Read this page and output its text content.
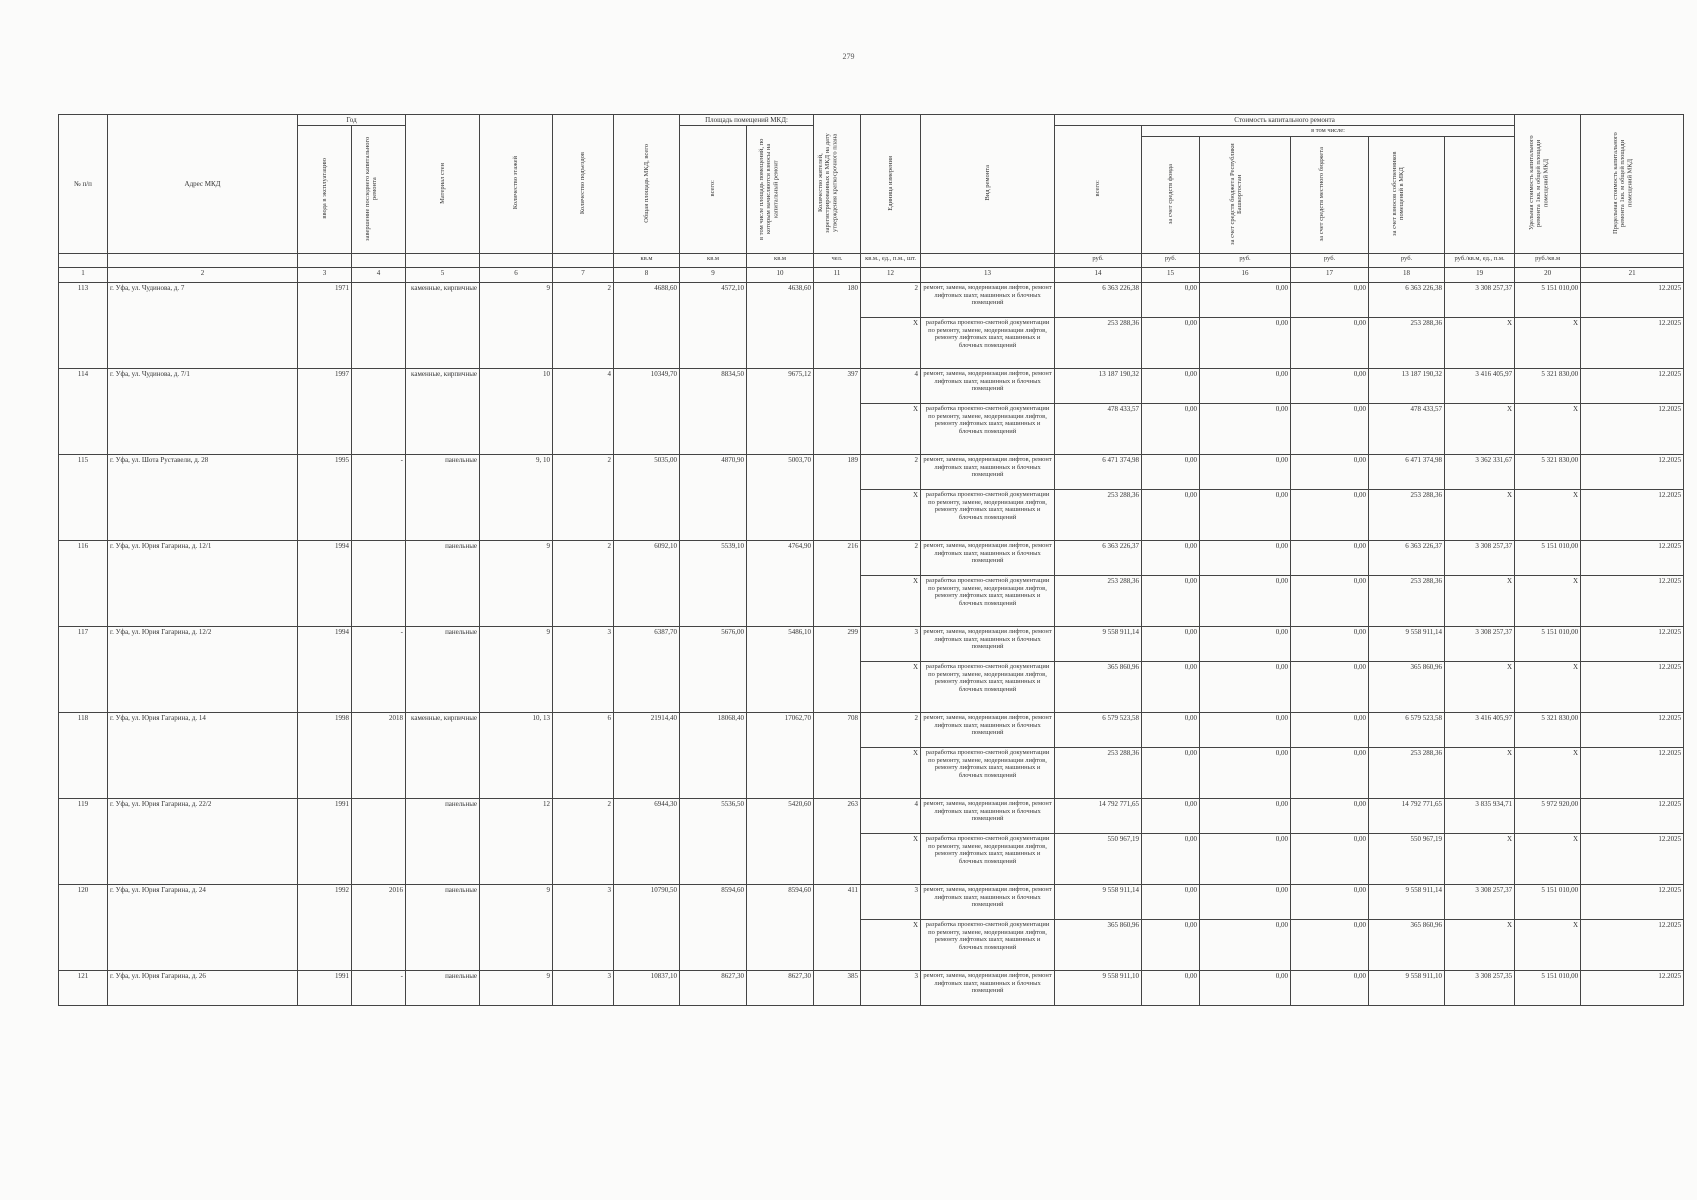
279
№ п/п	Адрес МКД	Год		Материал стен	Количество этажей	Количество подъездов	Общая площадь МКД, всего	Площадь помещений МКД:		Количество жителей, зарегистрированных в МКД на дату утверждения краткосрочного плана	Единица измерения	Вид ремонта	Стоимость капитального ремонта						Удельная стоимость капитального ремонта 1кв. м общей площади помещений МКД	Предельная стоимость капитального ремонта 1кв. м общей площади помещений МКД	
		ввода в эксплуатацию	завершение последнего капитального ремонта					всего:	в том числе площадь помещений, по которым начисляются взносы на капитальный ремонт				всего:	в том числе:							
														за счет средств фонда	за счет средств бюджета Республики Башкортостан	за счет средств местного бюджета	за счет взносов собственников помещений в МКД				
							кв.м	кв.м	кв.м	чел.	кв.м., ед., п.м., шт.		руб.	руб.	руб.	руб.	руб.	руб./кв.м, ед., п.м.	руб./кв.м		
1	2	3	4	5	6	7	8	9	10	11	12	13	14	15	16	17	18	19	20	21	
113	г. Уфа, ул. Чудинова, д. 7	1971		каменные, кирпичные	9	2	4688,60	4572,10	4638,60	180	2	ремонт, замена, модернизация лифтов, ремонт лифтовых шахт, машинных и блочных помещений	6 363 226,38	0,00	0,00	0,00	6 363 226,38	3 308 257,37	5 151 010,00	12.2025	
											X	разработка проектно-сметной документации по ремонту, замене, модернизации лифтов, ремонту лифтовых шахт, машинных и блочных помещений	253 288,36	0,00	0,00	0,00	253 288,36	X	X	12.2025	
114	г. Уфа, ул. Чудинова, д. 7/1	1997		каменные, кирпичные	10	4	10349,70	8834,50	9675,12	397	4	ремонт, замена, модернизация лифтов, ремонт лифтовых шахт, машинных и блочных помещений	13 187 190,32	0,00	0,00	0,00	13 187 190,32	3 416 405,97	5 321 830,00	12.2025	
											X	разработка проектно-сметной документации по ремонту, замене, модернизации лифтов, ремонту лифтовых шахт, машинных и блочных помещений	478 433,57	0,00	0,00	0,00	478 433,57	X	X	12.2025	
115	г. Уфа, ул. Шота Руставели, д. 28	1995	-	панельные	9, 10	2	5035,00	4870,90	5003,70	189	2	ремонт, замена, модернизация лифтов, ремонт лифтовых шахт, машинных и блочных помещений	6 471 374,98	0,00	0,00	0,00	6 471 374,98	3 362 331,67	5 321 830,00	12.2025	
											X	разработка проектно-сметной документации по ремонту, замене, модернизации лифтов, ремонту лифтовых шахт, машинных и блочных помещений	253 288,36	0,00	0,00	0,00	253 288,36	X	X	12.2025	
116	г. Уфа, ул. Юрия Гагарина, д. 12/1	1994		панельные	9	2	6092,10	5539,10	4764,90	216	2	ремонт, замена, модернизация лифтов, ремонт лифтовых шахт, машинных и блочных помещений	6 363 226,37	0,00	0,00	0,00	6 363 226,37	3 308 257,37	5 151 010,00	12.2025	
											X	разработка проектно-сметной документации по ремонту, замене, модернизации лифтов, ремонту лифтовых шахт, машинных и блочных помещений	253 288,36	0,00	0,00	0,00	253 288,36	X	X	12.2025	
117	г. Уфа, ул. Юрия Гагарина, д. 12/2	1994	-	панельные	9	3	6387,70	5676,00	5486,10	299	3	ремонт, замена, модернизация лифтов, ремонт лифтовых шахт, машинных и блочных помещений	9 558 911,14	0,00	0,00	0,00	9 558 911,14	3 308 257,37	5 151 010,00	12.2025	
											X	разработка проектно-сметной документации по ремонту, замене, модернизации лифтов, ремонту лифтовых шахт, машинных и блочных помещений	365 860,96	0,00	0,00	0,00	365 860,96	X	X	12.2025	
118	г. Уфа, ул. Юрия Гагарина, д. 14	1998	2018	каменные, кирпичные	10, 13	6	21914,40	18068,40	17062,70	708	2	ремонт, замена, модернизация лифтов, ремонт лифтовых шахт, машинных и блочных помещений	6 579 523,58	0,00	0,00	0,00	6 579 523,58	3 416 405,97	5 321 830,00	12.2025	
											X	разработка проектно-сметной документации по ремонту, замене, модернизации лифтов, ремонту лифтовых шахт, машинных и блочных помещений	253 288,36	0,00	0,00	0,00	253 288,36	X	X	12.2025	
119	г. Уфа, ул. Юрия Гагарина, д. 22/2	1991		панельные	12	2	6944,30	5536,50	5420,60	263	4	ремонт, замена, модернизация лифтов, ремонт лифтовых шахт, машинных и блочных помещений	14 792 771,65	0,00	0,00	0,00	14 792 771,65	3 835 934,71	5 972 920,00	12.2025	
											X	разработка проектно-сметной документации по ремонту, замене, модернизации лифтов, ремонту лифтовых шахт, машинных и блочных помещений	550 967,19	0,00	0,00	0,00	550 967,19	X	X	12.2025	
120	г. Уфа, ул. Юрия Гагарина, д. 24	1992	2016	панельные	9	3	10790,50	8594,60	8594,60	411	3	ремонт, замена, модернизация лифтов, ремонт лифтовых шахт, машинных и блочных помещений	9 558 911,14	0,00	0,00	0,00	9 558 911,14	3 308 257,37	5 151 010,00	12.2025	
											X	разработка проектно-сметной документации по ремонту, замене, модернизации лифтов, ремонту лифтовых шахт, машинных и блочных помещений	365 860,96	0,00	0,00	0,00	365 860,96	X	X	12.2025	
121	г. Уфа, ул. Юрия Гагарина, д. 26	1991	-	панельные	9	3	10837,10	8627,30	8627,30	385	3	ремонт, замена, модернизация лифтов, ремонт лифтовых шахт, машинных и блочных помещений	9 558 911,10	0,00	0,00	0,00	9 558 911,10	3 308 257,35	5 151 010,00	12.2025	
